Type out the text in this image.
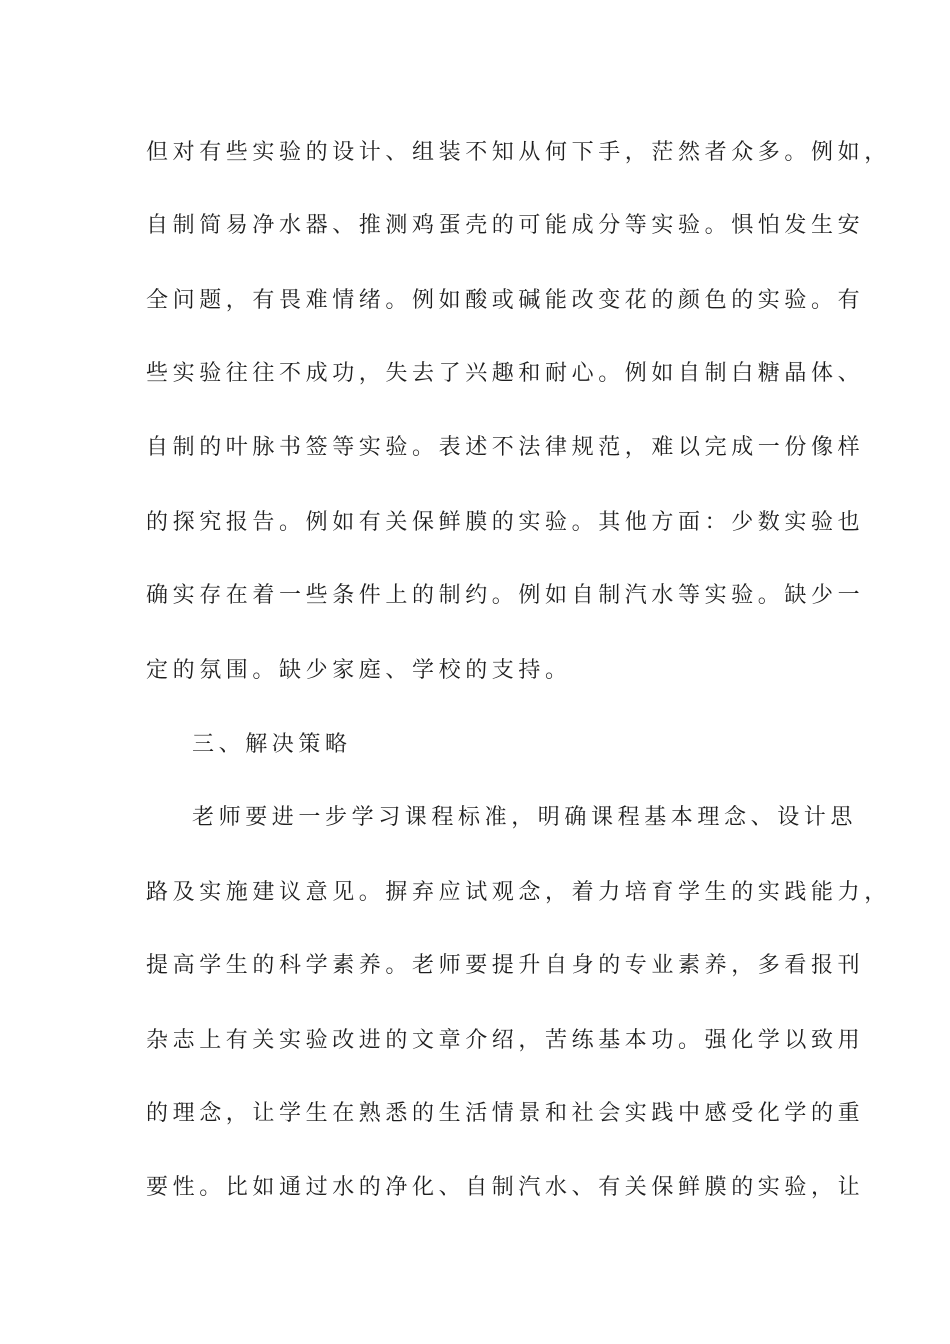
但对有些实验的设计、组装不知从何下手，茫然者众多。例如，

自制简易净水器、推测鸡蛋壳的可能成分等实验。惧怕发生安

全问题，有畏难情绪。例如酸或碱能改变花的颜色的实验。有

些实验往往不成功，失去了兴趣和耐心。例如自制白糖晶体、

自制的叶脉书签等实验。表述不法律规范，难以完成一份像样

的探究报告。例如有关保鲜膜的实验。其他方面：少数实验也

确实存在着一些条件上的制约。例如自制汽水等实验。缺少一

定的氛围。缺少家庭、学校的支持。

三、解决策略

老师要进一步学习课程标准，明确课程基本理念、设计思

路及实施建议意见。摒弃应试观念，着力培育学生的实践能力，

提高学生的科学素养。老师要提升自身的专业素养，多看报刊

杂志上有关实验改进的文章介绍，苦练基本功。强化学以致用

的理念，让学生在熟悉的生活情景和社会实践中感受化学的重

要性。比如通过水的净化、自制汽水、有关保鲜膜的实验，让
